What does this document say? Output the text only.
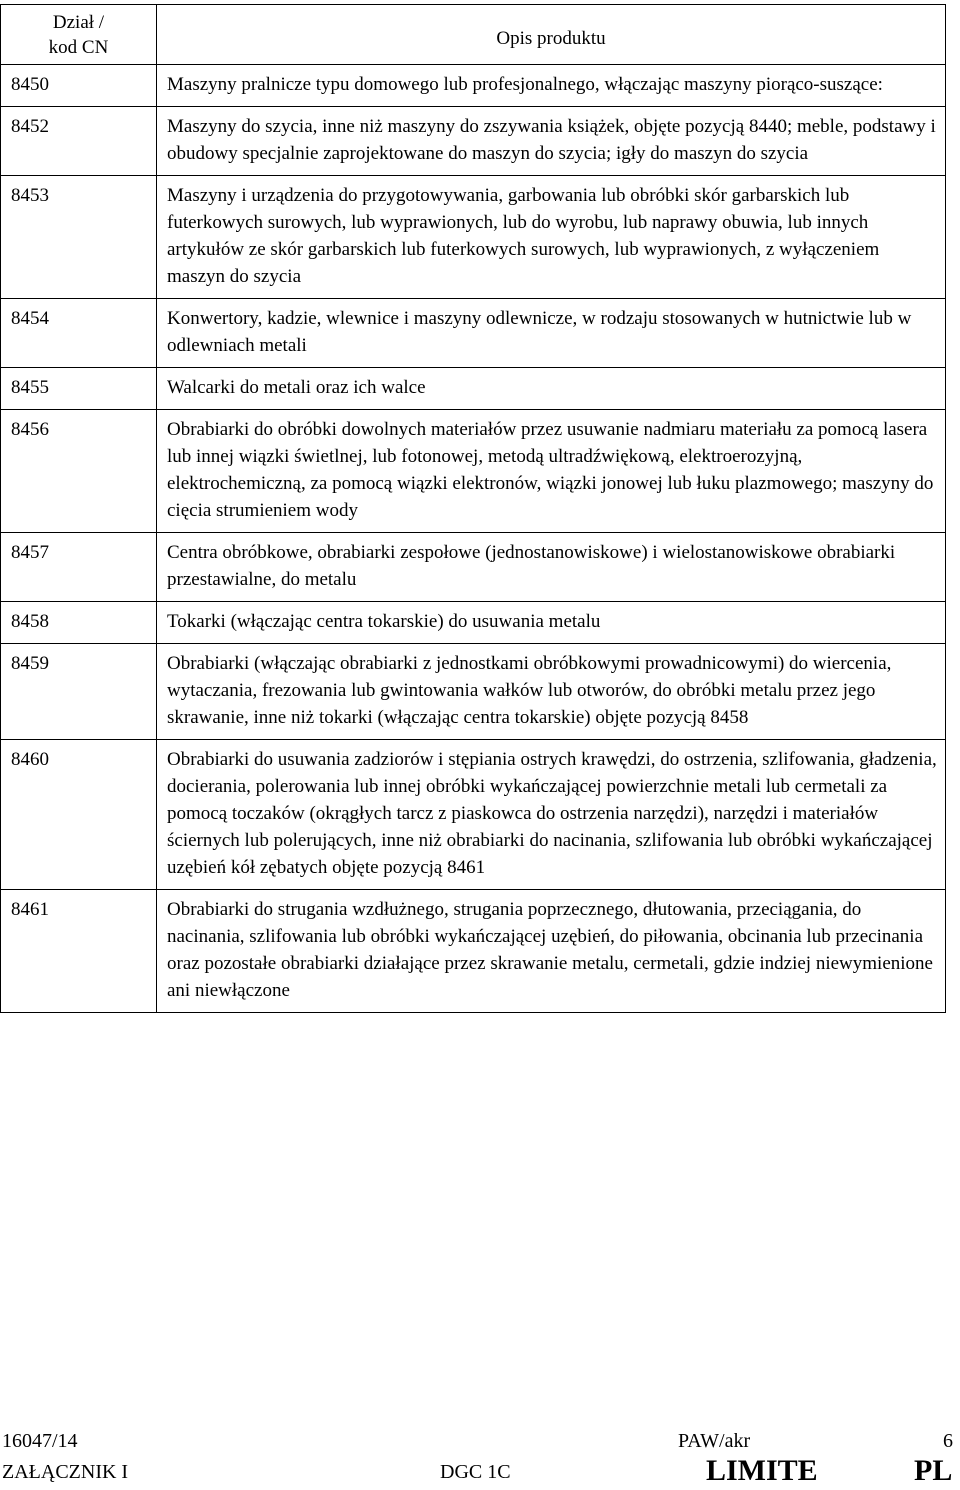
Dział /
kod CN	Opis produktu
8450	Maszyny pralnicze typu domowego lub profesjonalnego, włączając maszyny piorąco-suszące:
8452	Maszyny do szycia, inne niż maszyny do zszywania książek, objęte pozycją 8440; meble, podstawy i obudowy specjalnie zaprojektowane do maszyn do szycia; igły do maszyn do szycia
8453	Maszyny i urządzenia do przygotowywania, garbowania lub obróbki skór garbarskich lub futerkowych surowych, lub wyprawionych, lub do wyrobu, lub naprawy obuwia, lub innych artykułów ze skór garbarskich lub futerkowych surowych, lub wyprawionych, z wyłączeniem maszyn do szycia
8454	Konwertory, kadzie, wlewnice i maszyny odlewnicze, w rodzaju stosowanych w hutnictwie lub w odlewniach metali
8455	Walcarki do metali oraz ich walce
8456	Obrabiarki do obróbki dowolnych materiałów przez usuwanie nadmiaru materiału za pomocą lasera lub innej wiązki świetlnej, lub fotonowej, metodą ultradźwiękową, elektroerozyjną, elektrochemiczną, za pomocą wiązki elektronów, wiązki jonowej lub łuku plazmowego; maszyny do cięcia strumieniem wody
8457	Centra obróbkowe, obrabiarki zespołowe (jednostanowiskowe) i wielostanowiskowe obrabiarki przestawialne, do metalu
8458	Tokarki (włączając centra tokarskie) do usuwania metalu
8459	Obrabiarki (włączając obrabiarki z jednostkami obróbkowymi prowadnicowymi) do wiercenia, wytaczania, frezowania lub gwintowania wałków lub otworów, do obróbki metalu przez jego skrawanie, inne niż tokarki (włączając centra tokarskie) objęte pozycją 8458
8460	Obrabiarki do usuwania zadziorów i stępiania ostrych krawędzi, do ostrzenia, szlifowania, gładzenia, docierania, polerowania lub innej obróbki wykańczającej powierzchnie metali lub cermetali za pomocą toczaków (okrągłych tarcz z piaskowca do ostrzenia narzędzi), narzędzi i materiałów ściernych lub polerujących, inne niż obrabiarki do nacinania, szlifowania lub obróbki wykańczającej uzębień kół zębatych objęte pozycją 8461
8461	Obrabiarki do strugania wzdłużnego, strugania poprzecznego, dłutowania, przeciągania, do nacinania, szlifowania lub obróbki wykańczającej uzębień, do piłowania, obcinania lub przecinania oraz pozostałe obrabiarki działające przez skrawanie metalu, cermetali, gdzie indziej niewymienione ani niewłączone
16047/14	PAW/akr	6
ZAŁĄCZNIK I	DGC 1C	LIMITE	PL
